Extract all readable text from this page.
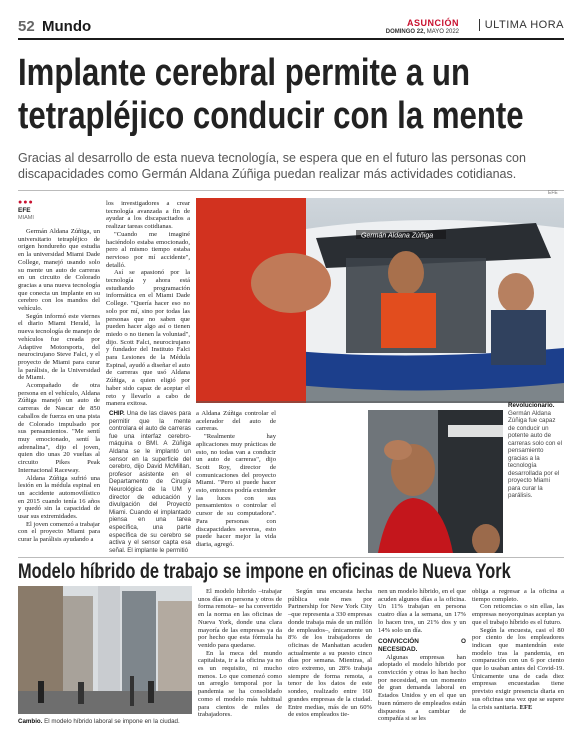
52 Mundo	ASUNCIÓN
DOMINGO 22, MAYO 2022
ULTIMA HORA
Implante cerebral permite a un
tetrapléjico conducir con la mente

Gracias al desarrollo de esta nueva tecnología, se espera que en el futuro las personas con discapacidades como Germán Aldana Zúñiga puedan realizar más actividades cotidianas.

●●●
EFE
MIAMI

Germán Aldana Zúñiga, un universitario tetrapléjico de origen hondureño que estudia en la universidad Miami Dade College, manejó usando solo su mente un auto de carreras en un circuito de Colorado gracias a una nueva tecnología que conecta un implante en su cerebro con los mandos del vehículo.

Según informó este viernes el diario Miami Herald, la nueva tecnología de manejo de vehículos fue creada por Adaptive Motorsports, del neurocirujano Steve Falci, y el proyecto de Miami para curar la parálisis, de la Universidad de Miami.

Acompañado de otra persona en el vehículo, Aldana Zúñiga manejó un auto de carreras de Nascar de 850 caballos de fuerza en una pista de Colorado impulsado por sus pensamientos. "Me sentí muy emocionado, sentí la adrenalina", dijo el joven, quien dio unas 20 vueltas al circuito Pikes Peak Internacional Raceway.

Aldana Zúñiga sufrió una lesión en la médula espinal en un accidente automovilístico en 2015 cuando tenía 16 años y quedó sin la capacidad de usar sus extremidades.

El joven comenzó a trabajar con el proyecto Miami para curar la parálisis ayudando a

los investigadores a crear tecnología avanzada a fin de ayudar a los discapacitados a realizar tareas cotidianas.

"Cuando me imaginé haciéndolo estaba emocionado, pero al mismo tiempo estaba nervioso por mí accidente", detalló.

Así se apasionó por la tecnología y ahora está estudiando programación informática en el Miami Dade College. "Quería hacer eso no solo por mí, sino por todas las personas que no saben que pueden hacer algo así o tienen miedo o no tienen la voluntad", dijo. Scott Falci, neurocirujano y fundador del Instituto Falci para Lesiones de la Médula Espinal, ayudó a diseñar el auto de carreras que usó Aldana Zúñiga, a quien eligió por haber sido capaz de aceptar el reto y llevarlo a cabo de manera exitosa.

CHIP. Una de las claves para permitir que la mente controlara el auto de carreras fue una interfaz cerebro-máquina o BMI. A Zúñiga Aldana se le implantó un sensor en la superficie del cerebro, dijo David McMillan, profesor asistente en el Departamento de Cirugía Neurológica de la UM y director de educación y divulgación del Proyecto Miami. Cuando el implantado piensa en una tarea específica, una parte específica de su cerebro se activa y el sensor capta esa señal. El implante le permitió

a Aldana Zúñiga controlar el acelerador del auto de carreras.

"Realmente hay aplicaciones muy prácticas de esto, no todas van a conducir un auto de carreras", dijo Scott Roy, director de comunicaciones del proyecto Miami. "Pero si puede hacer esto, entonces podría extender las luces con sus pensamientos o controlar el cursor de su computadora". Para personas con discapacidades severas, esto puede hacer mejor la vida diaria, agregó.

EFE
Germán Aldana Zúñiga
Revolucionario. Germán Aldana Zúñiga fue capaz de conducir un potente auto de carreras solo con el pensamiento gracias a la tecnología desarrollada por el proyecto Miami para curar la parálisis.
Modelo híbrido de trabajo se impone en oficinas de Nueva York
Cambio. El modelo híbrido laboral se impone en la ciudad.

El modelo híbrido –trabajar unos días en persona y otros de forma remota– se ha convertido en la norma en las oficinas de Nueva York, donde una clara mayoría de las empresas ya da por hecho que esta fórmula ha venido para quedarse.

En la meca del mundo capitalista, ir a la oficina ya no es un requisito, ni mucho menos. Lo que comenzó como un arreglo temporal por la pandemia se ha consolidado como el modelo más habitual para cientos de miles de trabajadores.

Según una encuesta hecha pública este mes por Partnership for New York City –que representa a 330 empresas donde trabaja más de un millón de empleados–, únicamente un 8% de los trabajadores de oficinas de Manhattan acuden actualmente a su puesto cinco días por semana. Mientras, al otro extremo, un 28% trabaja siempre de forma remota, a tenor de los datos de este sondeo, realizado entre 160 grandes empresas de la ciudad. Entre medias, más de un 60% de estos empleados tie-

nen un modelo híbrido, en el que acuden algunos días a la oficina. Un 11% trabajan en persona cuatro días a la semana, un 17% lo hacen tres, un 21% dos y un 14% solo un día.

CONVICCIÓN O NECESIDAD.

Algunas empresas han adoptado el modelo híbrido por convicción y otras lo han hecho por necesidad, en un momento de gran demanda laboral en Estados Unidos y en el que un buen número de empleados están dispuestos a cambiar de compañía si se les

obliga a regresar a la oficina a tiempo completo.

Con reticencias o sin ellas, las empresas neoyorquinas aceptan ya que el trabajo híbrido es el futuro.

Según la encuesta, casi el 80 por ciento de los empleadores indican que mantendrán este modelo tras la pandemia, en comparación con un 6 por ciento que lo usaban antes del Covid-19. Únicamente una de cada diez empresas encuestadas tiene previsto exigir presencia diaria en sus oficinas una vez que se supere la crisis sanitaria. EFE
